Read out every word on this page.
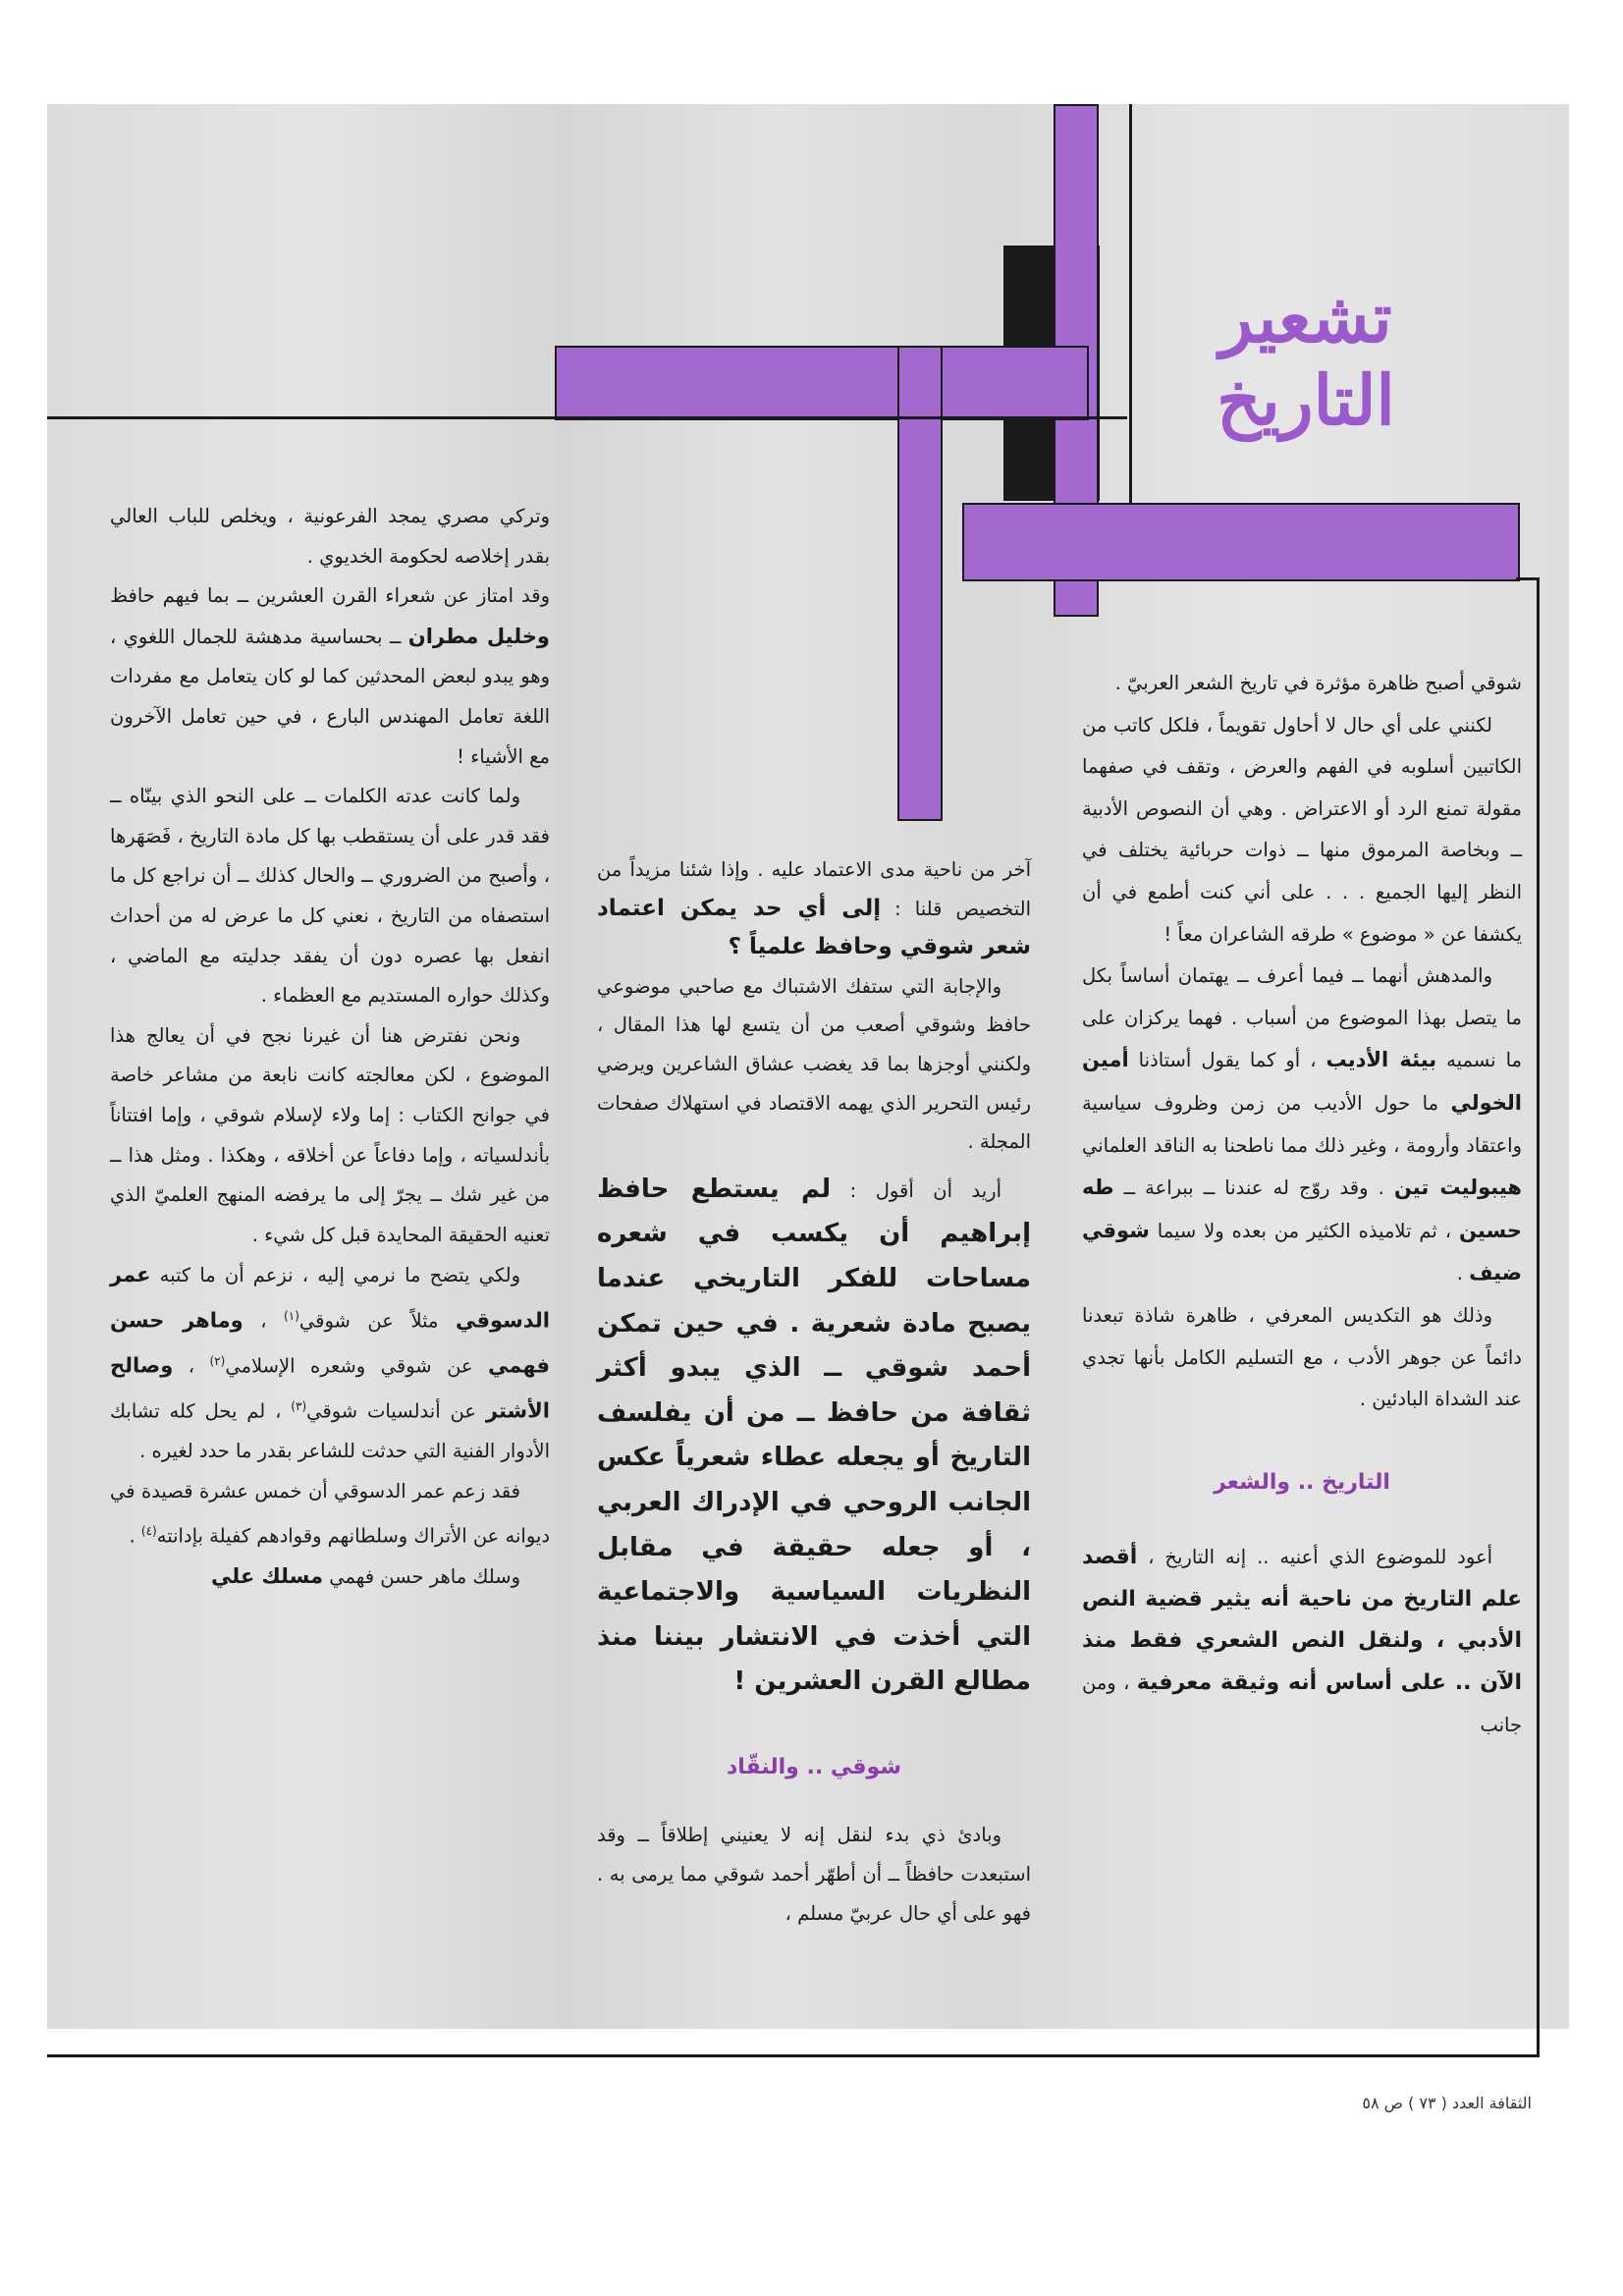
تشعير
التاريخ

شوقي أصبح ظاهرة مؤثرة في تاريخ الشعر العربيّ .

لكنني على أي حال لا أحاول تقويماً ، فلكل كاتب من الكاتبين أسلوبه في الفهم والعرض ، وتقف في صفهما مقولة تمنع الرد أو الاعتراض . وهي أن النصوص الأدبية ــ وبخاصة المرموق منها ــ ذوات حربائية يختلف في النظر إليها الجميع . . . على أني كنت أطمع في أن يكشفا عن « موضوع » طرقه الشاعران معاً !

والمدهش أنهما ــ فيما أعرف ــ يهتمان أساساً بكل ما يتصل بهذا الموضوع من أسباب . فهما يركزان على ما نسميه بيئة الأديب ، أو كما يقول أستاذنا أمين الخولي ما حول الأديب من زمن وظروف سياسية واعتقاد وأرومة ، وغير ذلك مما ناطحنا به الناقد العلماني هيبوليت تين . وقد روّج له عندنا ــ ببراعة ــ طه حسين ، ثم تلاميذه الكثير من بعده ولا سيما شوقي ضيف .

وذلك هو التكديس المعرفي ، ظاهرة شاذة تبعدنا دائماً عن جوهر الأدب ، مع التسليم الكامل بأنها تجدي عند الشداة البادئين .

التاريخ .. والشعر

أعود للموضوع الذي أعنيه .. إنه التاريخ ، أقصد علم التاريخ من ناحية أنه يثير قضية النص الأدبي ، ولنقل النص الشعري فقط منذ الآن .. على أساس أنه وثيقة معرفية ، ومن جانب

آخر من ناحية مدى الاعتماد عليه . وإذا شئنا مزيداً من التخصيص قلنا : إلى أي حد يمكن اعتماد شعر شوقي وحافظ علمياً ؟

والإجابة التي ستفك الاشتباك مع صاحبي موضوعي حافظ وشوقي أصعب من أن يتسع لها هذا المقال ، ولكنني أوجزها بما قد يغضب عشاق الشاعرين ويرضي رئيس التحرير الذي يهمه الاقتصاد في استهلاك صفحات المجلة .

أريد أن أقول : لم يستطع حافظ إبراهيم أن يكسب في شعره مساحات للفكر التاريخي عندما يصبح مادة شعرية . في حين تمكن أحمد شوقي ــ الذي يبدو أكثر ثقافة من حافظ ــ من أن يفلسف التاريخ أو يجعله عطاء شعرياً عكس الجانب الروحي في الإدراك العربي ، أو جعله حقيقة في مقابل النظريات السياسية والاجتماعية التي أخذت في الانتشار بيننا منذ مطالع القرن العشرين !

شوقي .. والنقّاد

وبادئ ذي بدء لنقل إنه لا يعنيني إطلاقاً ــ وقد استبعدت حافظاً ــ أن أطهّر أحمد شوقي مما يرمى به . فهو على أي حال عربيّ مسلم ،

وتركي مصري يمجد الفرعونية ، ويخلص للباب العالي بقدر إخلاصه لحكومة الخديوي .

وقد امتاز عن شعراء القرن العشرين ــ بما فيهم حافظ وخليل مطران ــ بحساسية مدهشة للجمال اللغوي ، وهو يبدو لبعض المحدثين كما لو كان يتعامل مع مفردات اللغة تعامل المهندس البارع ، في حين تعامل الآخرون مع الأشياء !

ولما كانت عدته الكلمات ــ على النحو الذي بينّاه ــ فقد قدر على أن يستقطب بها كل مادة التاريخ ، فَصَهَرها ، وأصبح من الضروري ــ والحال كذلك ــ أن نراجع كل ما استصفاه من التاريخ ، نعني كل ما عرض له من أحداث انفعل بها عصره دون أن يفقد جدليته مع الماضي ، وكذلك حواره المستديم مع العظماء .

ونحن نفترض هنا أن غيرنا نجح في أن يعالج هذا الموضوع ، لكن معالجته كانت نابعة من مشاعر خاصة في جوانح الكتاب : إما ولاء لإسلام شوقي ، وإما افتتاناً بأندلسياته ، وإما دفاعاً عن أخلاقه ، وهكذا . ومثل هذا ــ من غير شك ــ يجرّ إلى ما يرفضه المنهج العلميّ الذي تعنيه الحقيقة المحايدة قبل كل شيء .

ولكي يتضح ما نرمي إليه ، نزعم أن ما كتبه عمر الدسوقي مثلاً عن شوقي$^{(١)}$ ، وماهر حسن فهمي عن شوقي وشعره الإسلامي$^{(٢)}$ ، وصالح الأشتر عن أندلسيات شوقي$^{(٣)}$ ، لم يحل كله تشابك الأدوار الفنية التي حدثت للشاعر بقدر ما حدد لغيره .

فقد زعم عمر الدسوقي أن خمس عشرة قصيدة في ديوانه عن الأتراك وسلطانهم وقوادهم كفيلة بإدانته$^{(٤)}$ .

وسلك ماهر حسن فهمي مسلك علي

الثقافة العدد ( ٧٣ ) ص ٥٨
